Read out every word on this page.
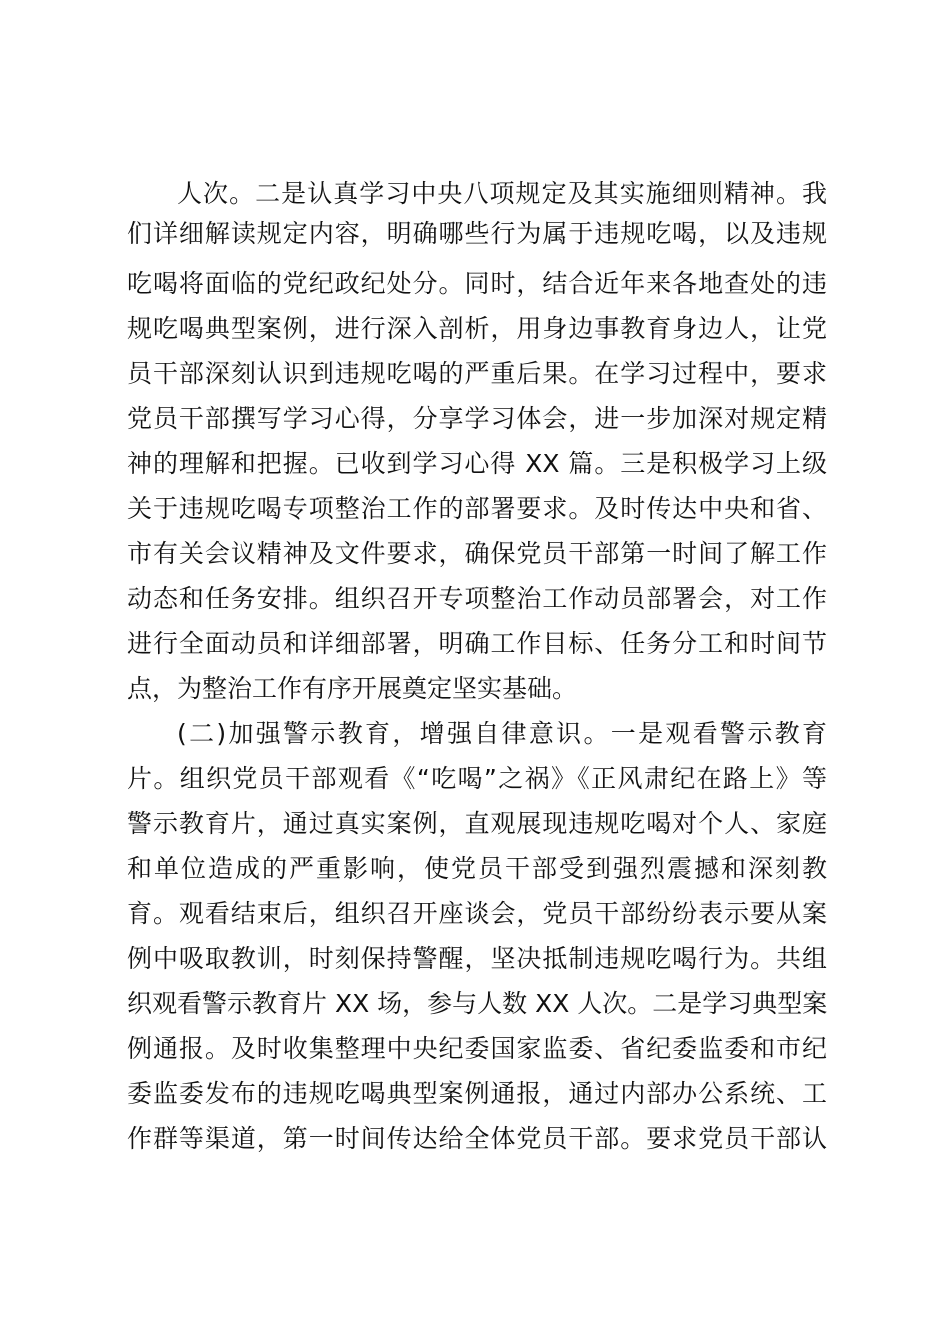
人次。二是认真学习中央八项规定及其实施细则精神。我
们详细解读规定内容，明确哪些行为属于违规吃喝，以及违规
吃喝将面临的党纪政纪处分。同时，结合近年来各地查处的违
规吃喝典型案例，进行深入剖析，用身边事教育身边人，让党
员干部深刻认识到违规吃喝的严重后果。在学习过程中，要求
党员干部撰写学习心得，分享学习体会，进一步加深对规定精
神的理解和把握。已收到学习心得 XX 篇。三是积极学习上级
关于违规吃喝专项整治工作的部署要求。及时传达中央和省、
市有关会议精神及文件要求，确保党员干部第一时间了解工作
动态和任务安排。组织召开专项整治工作动员部署会，对工作
进行全面动员和详细部署，明确工作目标、任务分工和时间节
点，为整治工作有序开展奠定坚实基础。
(二)加强警示教育，增强自律意识。一是观看警示教育
片。组织党员干部观看《“吃喝”之祸》《正风肃纪在路上》等
警示教育片，通过真实案例，直观展现违规吃喝对个人、家庭
和单位造成的严重影响，使党员干部受到强烈震撼和深刻教
育。观看结束后，组织召开座谈会，党员干部纷纷表示要从案
例中吸取教训，时刻保持警醒，坚决抵制违规吃喝行为。共组
织观看警示教育片 XX 场，参与人数 XX 人次。二是学习典型案
例通报。及时收集整理中央纪委国家监委、省纪委监委和市纪
委监委发布的违规吃喝典型案例通报，通过内部办公系统、工
作群等渠道，第一时间传达给全体党员干部。要求党员干部认
